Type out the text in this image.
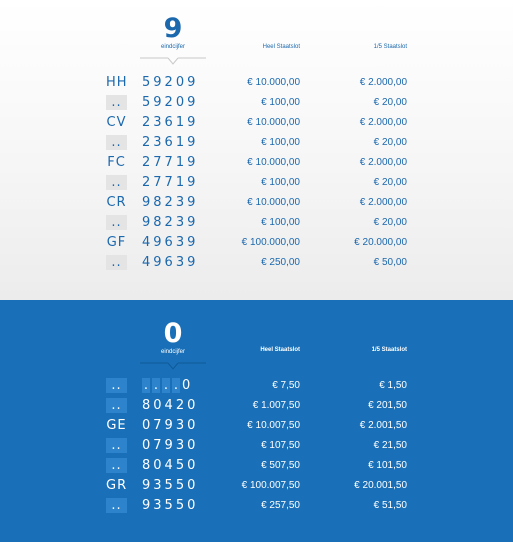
9
eindcijfer	Heel Staatslot	1/5 Staatslot
HH 59209	€ 10.000,00	€ 2.000,00
..	59209	€ 100,00	€ 20,00
CV 23619	€ 10.000,00	€ 2.000,00
..	23619	€ 100,00	€ 20,00
FC 27719	€ 10.000,00	€ 2.000,00
..	27719	€ 100,00	€ 20,00
CR 98239	€ 10.000,00	€ 2.000,00
..	98239	€ 100,00	€ 20,00
GF 49639	€ 100.000,00	€ 20.000,00
..	49639	€ 250,00	€ 50,00
0
eindcijfer	Heel Staatslot	1/5 Staatslot
..	. . . . 0	€ 7,50	€ 1,50
..	80420	€ 1.007,50	€ 201,50
GE 07930	€ 10.007,50	€ 2.001,50
..	07930	€ 107,50	€ 21,50
..	80450	€ 507,50	€ 101,50
GR 93550	€ 100.007,50	€ 20.001,50
..	93550	€ 257,50	€ 51,50
